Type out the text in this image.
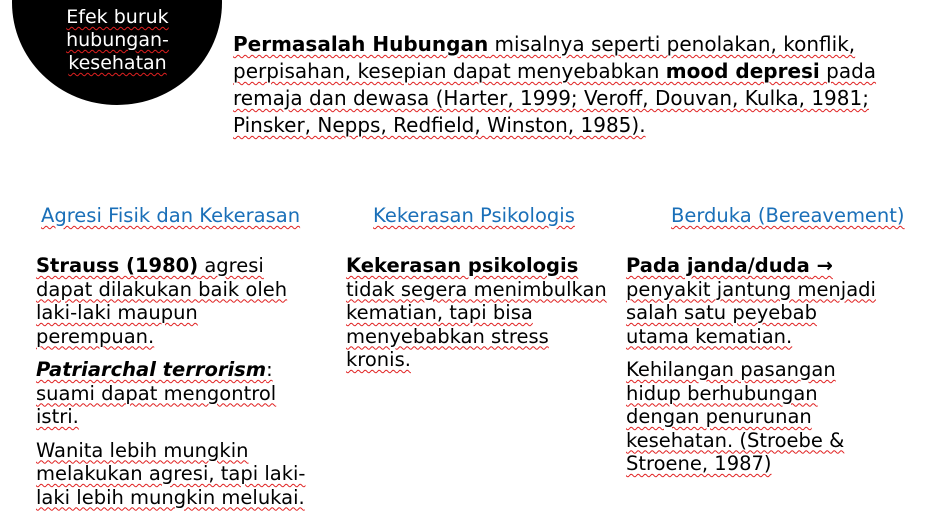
Efek buruk hubungan-kesehatan

Permasalah Hubungan misalnya seperti penolakan, konflik, perpisahan, kesepian dapat menyebabkan mood depresi pada remaja dan dewasa (Harter, 1999; Veroff, Douvan, Kulka, 1981; Pinsker, Nepps, Redfield, Winston, 1985).

Agresi Fisik dan Kekerasan

Strauss (1980) agresi dapat dilakukan baik oleh laki-laki maupun perempuan.

Patriarchal terrorism: suami dapat mengontrol istri.

Wanita lebih mungkin melakukan agresi, tapi laki-laki lebih mungkin melukai.

Kekerasan Psikologis

Kekerasan psikologis tidak segera menimbulkan kematian, tapi bisa menyebabkan stress kronis.

Berduka (Bereavement)

Pada janda/duda → penyakit jantung menjadi salah satu peyebab utama kematian.

Kehilangan pasangan hidup berhubungan dengan penurunan kesehatan. (Stroebe & Stroene, 1987)
